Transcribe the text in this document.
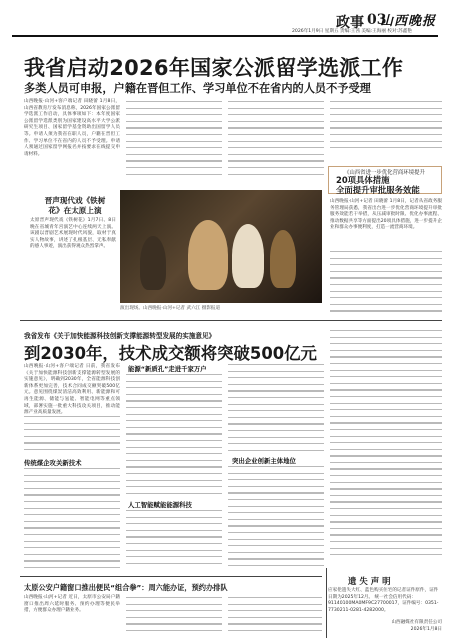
政事 03
山西晚报
2026年1月9日 星期五 责编:王茜 美编:王海丽 校对:苏鑫艳
我省启动2026年国家公派留学选派工作
多类人员可申报，户籍在晋但工作、学习单位不在省内的人员不予受理
山西晚报·山河+客户端记者 田晓蕾 1月8日，山西省教育厅发布消息称，2026年国家公派留学选派工作启动，具体事项如下：本年度国家公派留学选派类别为国家建设高水平大学公派研究生项目、国家留学基金资助出国留学人员等。申请人须为我省在职人员，户籍在晋但工作、学习单位不在省内的人员不予受理。申请人须通过国家留学网报名并按要求在线提交申请材料。
晋声现代戏《铁树花》在太原上演
太原晋声现代戏《铁树花》1月7日、8日晚在省城青年宫演艺中心连续两天上演。该剧以晋剧艺术展现时代风貌，取材于真实人物故事，讲述了扎根基层、无私奉献的感人事迹，演出获得观众热烈掌声。
演出现场。山西晚报·山河+记者 武六江 摄影报道
《山西省进一步优化营商环境提升
20项具体措施
全面提升审批服务效能
山西晚报·山河+记者 田晓蕾 1月8日，记者从省政务服务管理局获悉，我省出台进一步优化营商环境提升审批服务效能若干举措，从压减审批时限、优化办事流程、推动数据共享等方面提出20项具体措施，进一步提升企业和群众办事便利度，打造一流营商环境。
我省发布《关于加快能源科技创新支撑能源转型发展的实施意见》
到2030年，技术成交额将突破500亿元
山西晚报·山河+客户端记者 日前，我省发布《关于加快能源科技创新支撑能源转型发展的实施意见》，明确到2030年，全省能源科技创新体系更加完善，技术合同成交额突破500亿元。意见围绕煤炭清洁高效利用、新能源和可再生能源、储能与氢能、智能电网等重点领域，部署实施一批重大科技攻关项目，推动能源产业高质量发展。
传统煤企攻关新技术
能源“新质孔”走进千家万户
人工智能赋能能源科技
突出企业创新主体地位
太原公安户籍窗口推出便民“组合拳”：周六能办证，预约办排队
山西晚报·山河+记者 近日，太原市公安局户籍窗口推出周六延时服务、预约办理等便民举措，方便群众办理户籍业务。
遗失声明
应家伦遗失大红、蓝色购买住宅的记者证件原件，证件日期为2025年12月。 统一社会信用代码：91140100MA0MF9C27700017，证件编号：0351-7730211-0281-4282000。
山西融媒社有限责任公司
2026年1月8日
